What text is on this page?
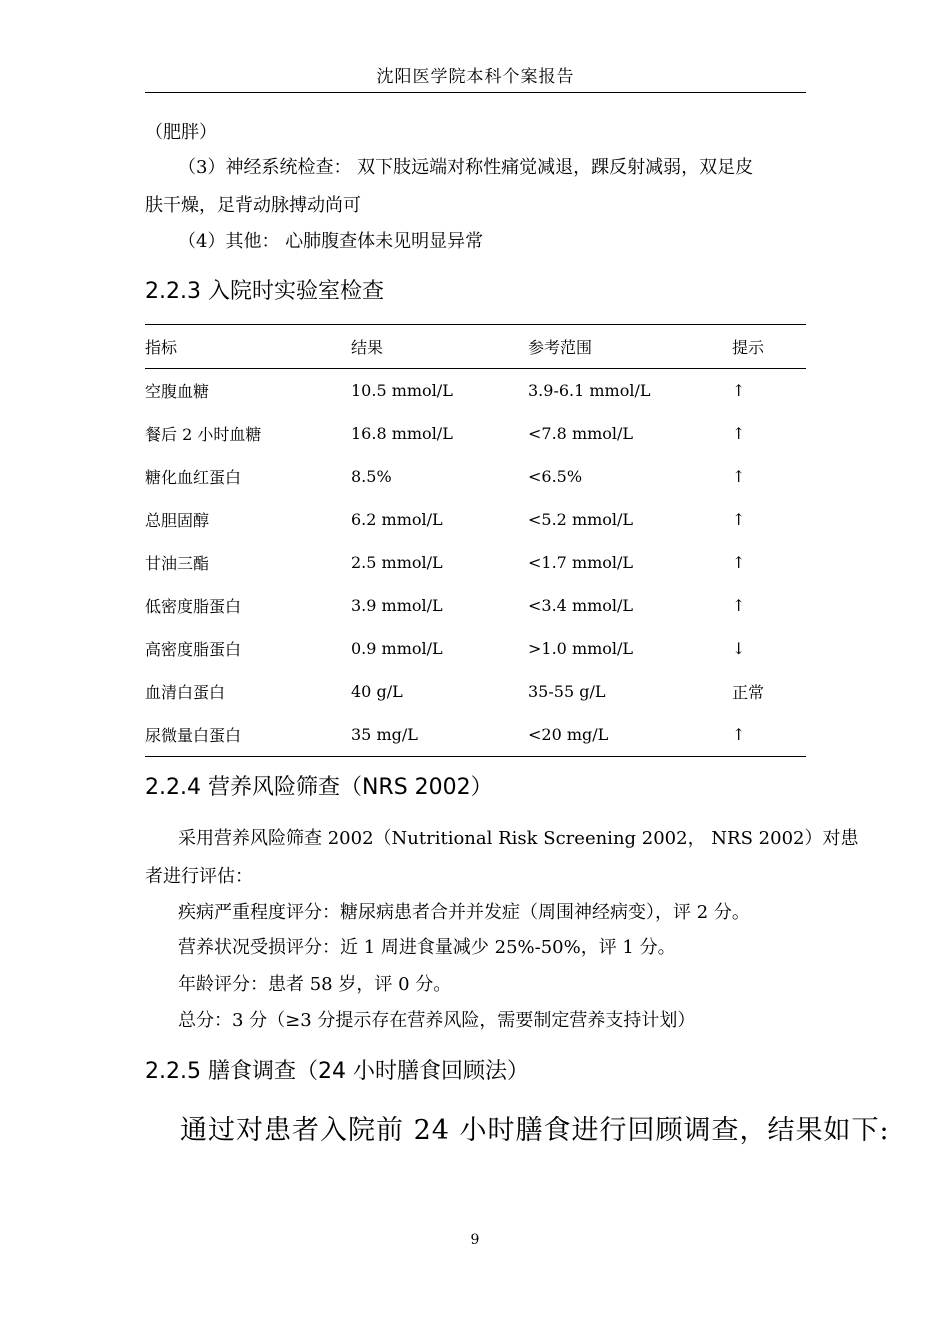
沈阳医学院本科个案报告
（肥胖）
（3）神经系统检查： 双下肢远端对称性痛觉减退，踝反射减弱，双足皮
肤干燥，足背动脉搏动尚可
（4）其他： 心肺腹查体未见明显异常
2.2.3 入院时实验室检查
指标	结果	参考范围	提示
空腹血糖	10.5 mmol/L	3.9-6.1 mmol/L	↑
餐后 2 小时血糖	16.8 mmol/L	<7.8 mmol/L	↑
糖化血红蛋白	8.5%	<6.5%	↑
总胆固醇	6.2 mmol/L	<5.2 mmol/L	↑
甘油三酯	2.5 mmol/L	<1.7 mmol/L	↑
低密度脂蛋白	3.9 mmol/L	<3.4 mmol/L	↑
高密度脂蛋白	0.9 mmol/L	>1.0 mmol/L	↓
血清白蛋白	40 g/L	35-55 g/L	正常
尿微量白蛋白	35 mg/L	<20 mg/L	↑
2.2.4 营养风险筛查（NRS 2002）
采用营养风险筛查 2002（Nutritional Risk Screening 2002， NRS 2002）对患
者进行评估：
疾病严重程度评分：糖尿病患者合并并发症（周围神经病变），评 2 分。
营养状况受损评分：近 1 周进食量减少 25%-50%，评 1 分。
年龄评分：患者 58 岁，评 0 分。
总分：3 分（≥3 分提示存在营养风险，需要制定营养支持计划）
2.2.5 膳食调查（24 小时膳食回顾法）
通过对患者入院前 24 小时膳食进行回顾调查，结果如下:
9
